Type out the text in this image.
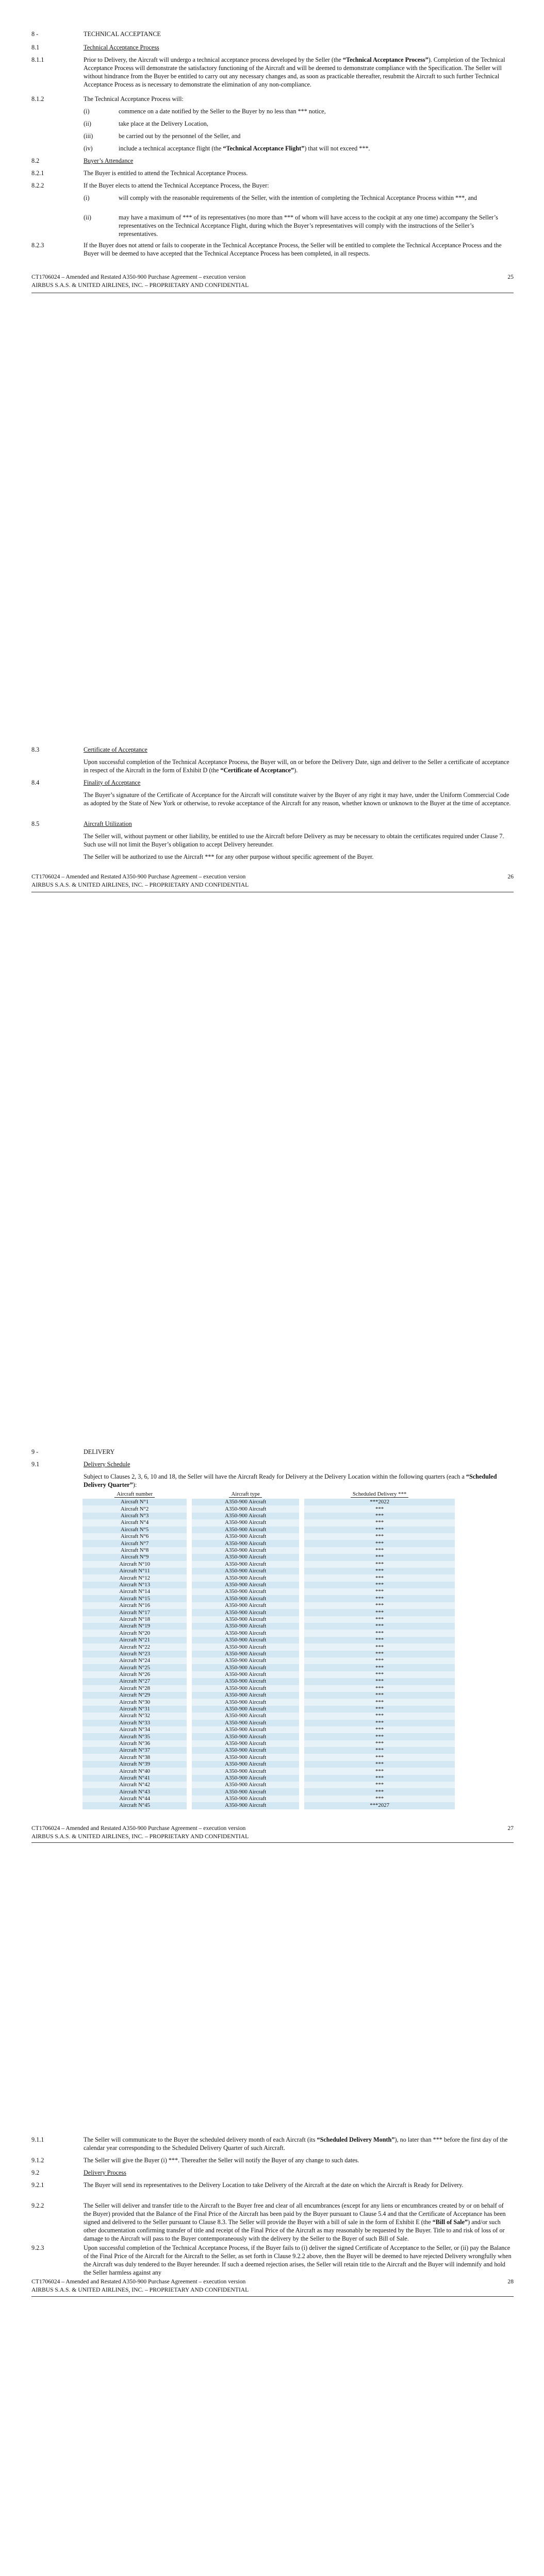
8 -	TECHNICAL ACCEPTANCE
8.1	Technical Acceptance Process
8.1.1	Prior to Delivery, the Aircraft will undergo a technical acceptance process developed by the Seller (the “Technical Acceptance Process”). Completion of the Technical Acceptance Process will demonstrate the satisfactory functioning of the Aircraft and will be deemed to demonstrate compliance with the Specification. The Seller will without hindrance from the Buyer be entitled to carry out any necessary changes and, as soon as practicable thereafter, resubmit the Aircraft to such further Technical Acceptance Process as is necessary to demonstrate the elimination of any non-compliance.
8.1.2	The Technical Acceptance Process will:
(i)	commence on a date notified by the Seller to the Buyer by no less than *** notice,
(ii)	take place at the Delivery Location,
(iii)	be carried out by the personnel of the Seller, and
(iv)	include a technical acceptance flight (the “Technical Acceptance Flight”) that will not exceed ***.
8.2	Buyer’s Attendance
8.2.1	The Buyer is entitled to attend the Technical Acceptance Process.
8.2.2	If the Buyer elects to attend the Technical Acceptance Process, the Buyer:
(i)	will comply with the reasonable requirements of the Seller, with the intention of completing the Technical Acceptance Process within ***, and
(ii)	may have a maximum of *** of its representatives (no more than *** of whom will have access to the cockpit at any one time) accompany the Seller’s representatives on the Technical Acceptance Flight, during which the Buyer’s representatives will comply with the instructions of the Seller’s representatives.
8.2.3	If the Buyer does not attend or fails to cooperate in the Technical Acceptance Process, the Seller will be entitled to complete the Technical Acceptance Process and the Buyer will be deemed to have accepted that the Technical Acceptance Process has been completed, in all respects.
CT1706024 – Amended and Restated A350-900 Purchase Agreement – execution version
AIRBUS S.A.S. & UNITED AIRLINES, INC. – PROPRIETARY AND CONFIDENTIAL
25
8.3	Certificate of Acceptance
Upon successful completion of the Technical Acceptance Process, the Buyer will, on or before the Delivery Date, sign and deliver to the Seller a certificate of acceptance in respect of the Aircraft in the form of Exhibit D (the “Certificate of Acceptance”).
8.4	Finality of Acceptance
The Buyer’s signature of the Certificate of Acceptance for the Aircraft will constitute waiver by the Buyer of any right it may have, under the Uniform Commercial Code as adopted by the State of New York or otherwise, to revoke acceptance of the Aircraft for any reason, whether known or unknown to the Buyer at the time of acceptance.
8.5	Aircraft Utilization
The Seller will, without payment or other liability, be entitled to use the Aircraft before Delivery as may be necessary to obtain the certificates required under Clause 7. Such use will not limit the Buyer’s obligation to accept Delivery hereunder.
The Seller will be authorized to use the Aircraft *** for any other purpose without specific agreement of the Buyer.
CT1706024 – Amended and Restated A350-900 Purchase Agreement – execution version
AIRBUS S.A.S. & UNITED AIRLINES, INC. – PROPRIETARY AND CONFIDENTIAL
26
9 -	DELIVERY
9.1	Delivery Schedule
Subject to Clauses 2, 3, 6, 10 and 18, the Seller will have the Aircraft Ready for Delivery at the Delivery Location within the following quarters (each a “Scheduled Delivery Quarter”):
Aircraft number		Aircraft type		Scheduled Delivery ***
Aircraft N°1		A350-900 Aircraft		***2022
Aircraft N°2		A350-900 Aircraft		***
Aircraft N°3		A350-900 Aircraft		***
Aircraft N°4		A350-900 Aircraft		***
Aircraft N°5		A350-900 Aircraft		***
Aircraft N°6		A350-900 Aircraft		***
Aircraft N°7		A350-900 Aircraft		***
Aircraft N°8		A350-900 Aircraft		***
Aircraft N°9		A350-900 Aircraft		***
Aircraft N°10		A350-900 Aircraft		***
Aircraft N°11		A350-900 Aircraft		***
Aircraft N°12		A350-900 Aircraft		***
Aircraft N°13		A350-900 Aircraft		***
Aircraft N°14		A350-900 Aircraft		***
Aircraft N°15		A350-900 Aircraft		***
Aircraft N°16		A350-900 Aircraft		***
Aircraft N°17		A350-900 Aircraft		***
Aircraft N°18		A350-900 Aircraft		***
Aircraft N°19		A350-900 Aircraft		***
Aircraft N°20		A350-900 Aircraft		***
Aircraft N°21		A350-900 Aircraft		***
Aircraft N°22		A350-900 Aircraft		***
Aircraft N°23		A350-900 Aircraft		***
Aircraft N°24		A350-900 Aircraft		***
Aircraft N°25		A350-900 Aircraft		***
Aircraft N°26		A350-900 Aircraft		***
Aircraft N°27		A350-900 Aircraft		***
Aircraft N°28		A350-900 Aircraft		***
Aircraft N°29		A350-900 Aircraft		***
Aircraft N°30		A350-900 Aircraft		***
Aircraft N°31		A350-900 Aircraft		***
Aircraft N°32		A350-900 Aircraft		***
Aircraft N°33		A350-900 Aircraft		***
Aircraft N°34		A350-900 Aircraft		***
Aircraft N°35		A350-900 Aircraft		***
Aircraft N°36		A350-900 Aircraft		***
Aircraft N°37		A350-900 Aircraft		***
Aircraft N°38		A350-900 Aircraft		***
Aircraft N°39		A350-900 Aircraft		***
Aircraft N°40		A350-900 Aircraft		***
Aircraft N°41		A350-900 Aircraft		***
Aircraft N°42		A350-900 Aircraft		***
Aircraft N°43		A350-900 Aircraft		***
Aircraft N°44		A350-900 Aircraft		***
Aircraft N°45		A350-900 Aircraft		***2027
CT1706024 – Amended and Restated A350-900 Purchase Agreement – execution version
AIRBUS S.A.S. & UNITED AIRLINES, INC. – PROPRIETARY AND CONFIDENTIAL
27
9.1.1	The Seller will communicate to the Buyer the scheduled delivery month of each Aircraft (its “Scheduled Delivery Month”), no later than *** before the first day of the calendar year corresponding to the Scheduled Delivery Quarter of such Aircraft.
9.1.2	The Seller will give the Buyer (i) ***. Thereafter the Seller will notify the Buyer of any change to such dates.
9.2	Delivery Process
9.2.1	The Buyer will send its representatives to the Delivery Location to take Delivery of the Aircraft at the date on which the Aircraft is Ready for Delivery.
9.2.2	The Seller will deliver and transfer title to the Aircraft to the Buyer free and clear of all encumbrances (except for any liens or encumbrances created by or on behalf of the Buyer) provided that the Balance of the Final Price of the Aircraft has been paid by the Buyer pursuant to Clause 5.4 and that the Certificate of Acceptance has been signed and delivered to the Seller pursuant to Clause 8.3. The Seller will provide the Buyer with a bill of sale in the form of Exhibit E (the “Bill of Sale”) and/or such other documentation confirming transfer of title and receipt of the Final Price of the Aircraft as may reasonably be requested by the Buyer. Title to and risk of loss of or damage to the Aircraft will pass to the Buyer contemporaneously with the delivery by the Seller to the Buyer of such Bill of Sale.
9.2.3	Upon successful completion of the Technical Acceptance Process, if the Buyer fails to (i) deliver the signed Certificate of Acceptance to the Seller, or (ii) pay the Balance of the Final Price of the Aircraft for the Aircraft to the Seller, as set forth in Clause 9.2.2 above, then the Buyer will be deemed to have rejected Delivery wrongfully when the Aircraft was duly tendered to the Buyer hereunder. If such a deemed rejection arises, the Seller will retain title to the Aircraft and the Buyer will indemnify and hold the Seller harmless against any
CT1706024 – Amended and Restated A350-900 Purchase Agreement – execution version
AIRBUS S.A.S. & UNITED AIRLINES, INC. – PROPRIETARY AND CONFIDENTIAL
28
